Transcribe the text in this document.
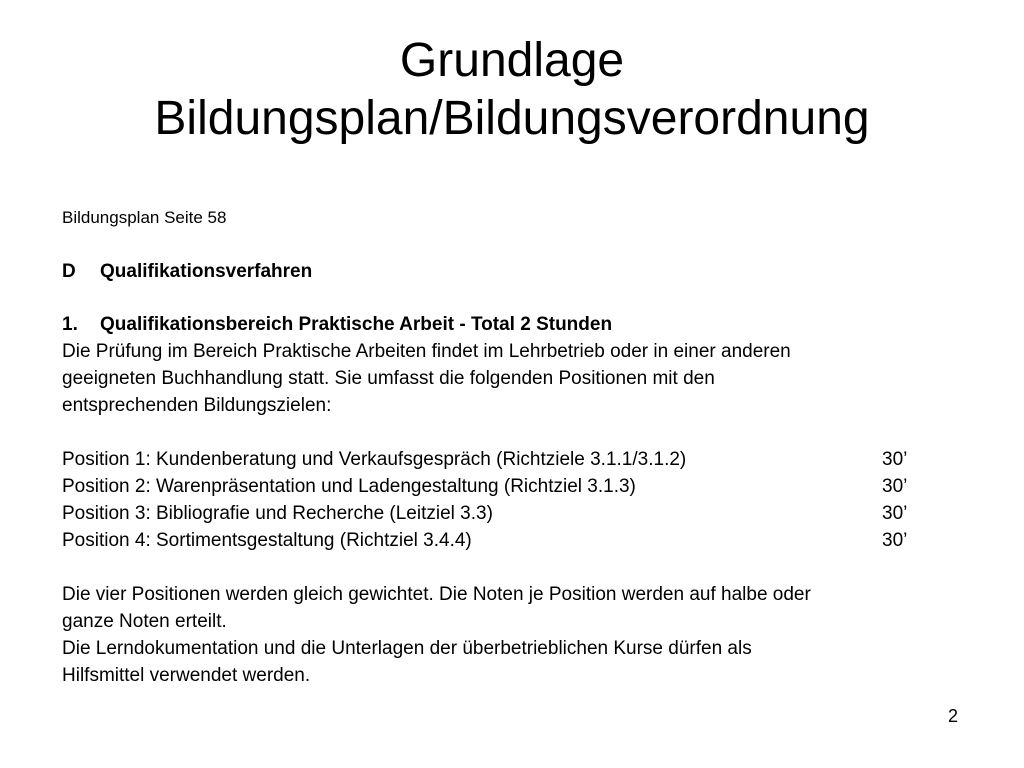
Grundlage
Bildungsplan/Bildungsverordnung
Bildungsplan Seite 58
D	Qualifikationsverfahren
1.	Qualifikationsbereich Praktische Arbeit - Total 2 Stunden

Die Prüfung im Bereich Praktische Arbeiten findet im Lehrbetrieb oder in einer anderen

geeigneten Buchhandlung statt. Sie umfasst die folgenden Positionen mit den

entsprechenden Bildungszielen:

Position 1: Kundenberatung und Verkaufsgespräch (Richtziele 3.1.1/3.1.2)	30’
Position 2: Warenpräsentation und Ladengestaltung (Richtziel 3.1.3)	30’
Position 3: Bibliografie und Recherche (Leitziel 3.3)	30’
Position 4: Sortimentsgestaltung (Richtziel 3.4.4)	30’

Die vier Positionen werden gleich gewichtet. Die Noten je Position werden auf halbe oder

ganze Noten erteilt.

Die Lerndokumentation und die Unterlagen der überbetrieblichen Kurse dürfen als

Hilfsmittel verwendet werden.

2
